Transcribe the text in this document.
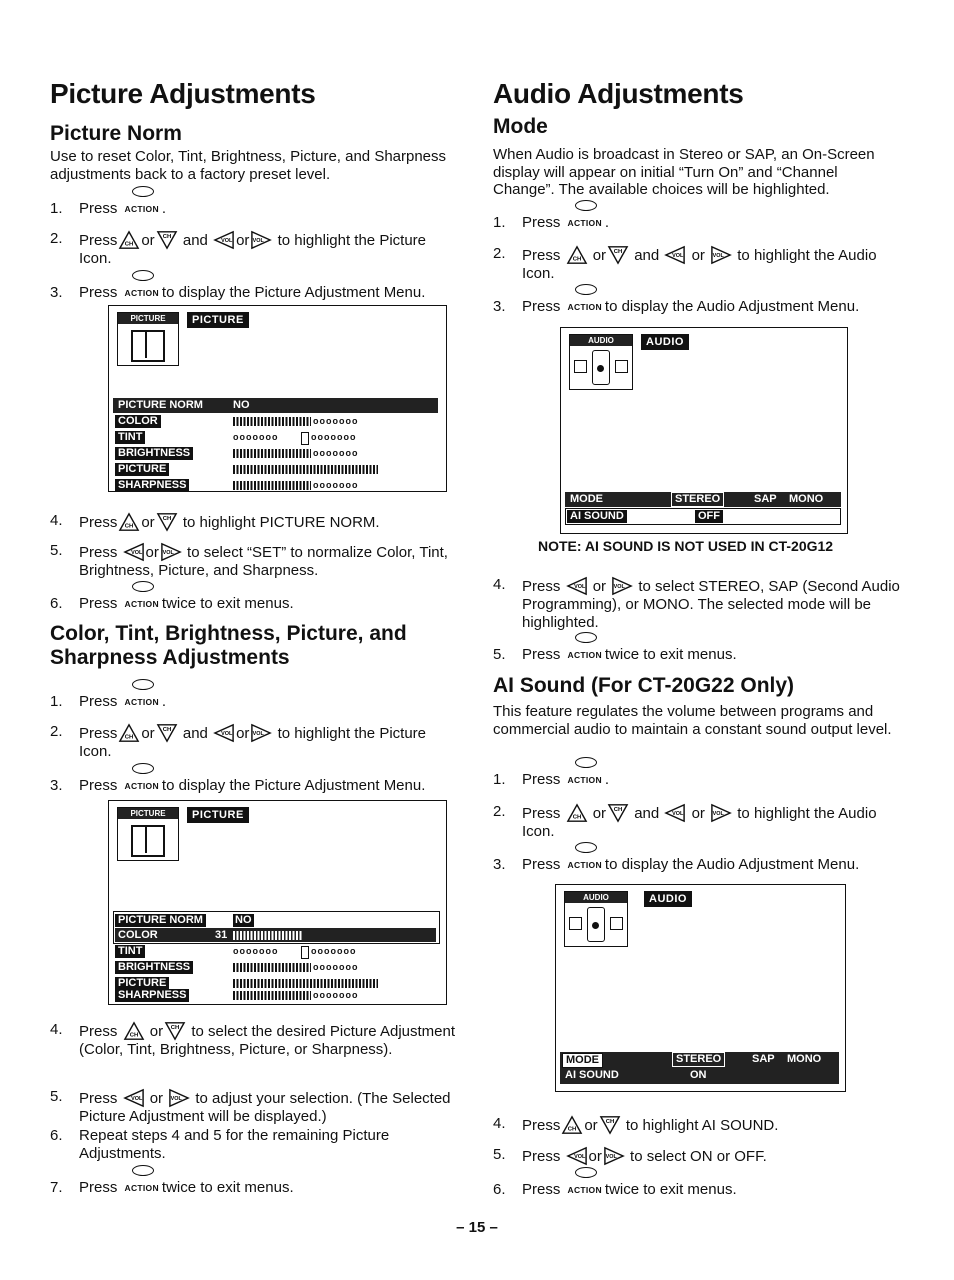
Picture Adjustments
Picture Norm

Use to reset Color, Tint, Brightness, Picture, and Sharpness adjustments back to a factory preset level.

1. Press ACTION .
2. Press or and or to highlight the Picture Icon.
3. Press ACTION to display the Picture Adjustment Menu.
PICTURE	PICTURE
PICTURE NORM	NO
COLOR	ooooooo
TINT	ooooooo	ooooooo
BRIGHTNESS	ooooooo
PICTURE
SHARPNESS	ooooooo
4. Press or to highlight PICTURE NORM.
5. Press or to select “SET” to normalize Color, Tint, Brightness, Picture, and Sharpness.
6. Press ACTION twice to exit menus.
Color, Tint, Brightness, Picture, and Sharpness Adjustments
1. Press ACTION .
2. Press or and or to highlight the Picture Icon.
3. Press ACTION to display the Picture Adjustment Menu.
PICTURE	PICTURE
PICTURE NORM	NO
COLOR	31
TINT	ooooooo	ooooooo
BRIGHTNESS	ooooooo
PICTURE
SHARPNESS	ooooooo
4. Press or to select the desired Picture Adjustment (Color, Tint, Brightness, Picture, or Sharpness).
5. Press or to adjust your selection. (The Selected Picture Adjustment will be displayed.)
6. Repeat steps 4 and 5 for the remaining Picture Adjustments.
7. Press ACTION twice to exit menus.
Audio Adjustments
Mode

When Audio is broadcast in Stereo or SAP, an On-Screen display will appear on initial “Turn On” and “Channel Change”. The available choices will be highlighted.

1. Press ACTION .
2. Press or and or to highlight the Audio Icon.
3. Press ACTION to display the Audio Adjustment Menu.
AUDIO	AUDIO
MODE	STEREO	SAP MONO
AI SOUND	OFF
NOTE: AI SOUND IS NOT USED IN CT-20G12
4. Press or to select STEREO, SAP (Second Audio Programming), or MONO. The selected mode will be highlighted.
5. Press ACTION twice to exit menus.
AI Sound (For CT-20G22 Only)

This feature regulates the volume between programs and commercial audio to maintain a constant sound output level.

1. Press ACTION .
2. Press or and or to highlight the Audio Icon.
3. Press ACTION to display the Audio Adjustment Menu.
AUDIO	AUDIO
MODE	STEREO	SAP MONO
AI SOUND	ON
4. Press or to highlight AI SOUND.
5. Press or to select ON or OFF.
6. Press ACTION twice to exit menus.
– 15 –
